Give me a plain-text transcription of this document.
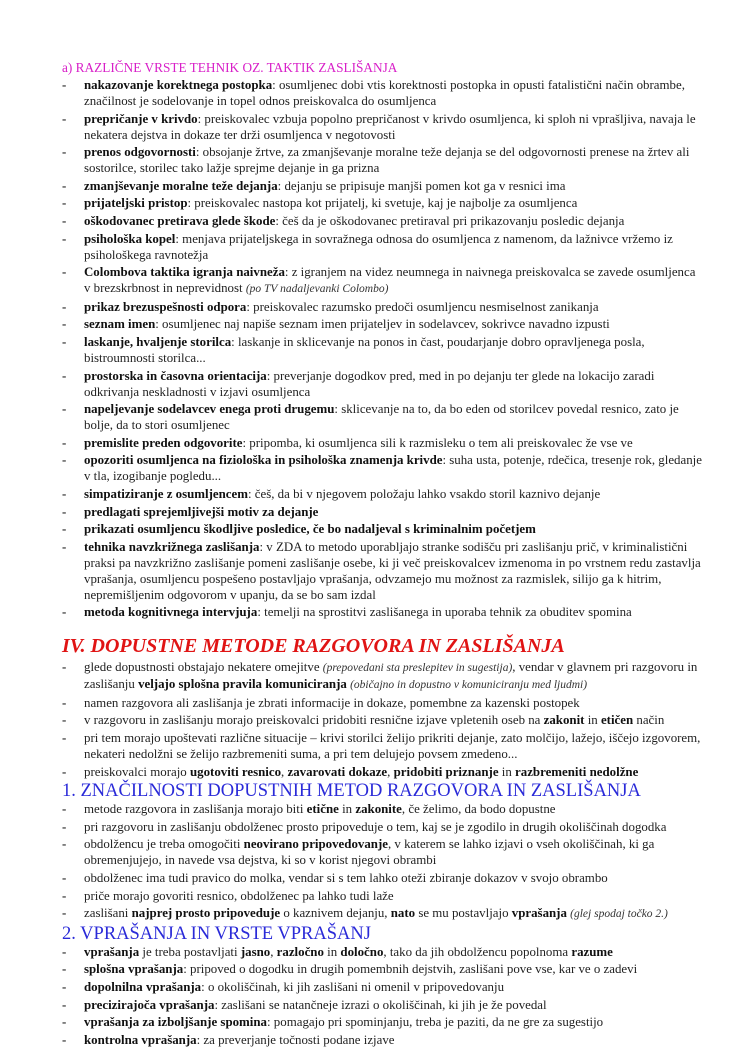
a) RAZLIČNE VRSTE TEHNIK OZ. TAKTIK ZASLIŠANJA
- nakazovanje korektnega postopka: osumljenec dobi vtis korektnosti postopka in opusti fatalistični način obrambe, značilnost je sodelovanje in topel odnos preiskovalca do osumljenca
- prepričanje v krivdo: preiskovalec vzbuja popolno prepričanost v krivdo osumljenca, ki sploh ni vprašljiva, navaja le nekatera dejstva in dokaze ter drži osumljenca v negotovosti
- prenos odgovornosti: obsojanje žrtve, za zmanjševanje moralne teže dejanja se del odgovornosti prenese na žrtev ali sostorilce, storilec tako lažje sprejme dejanje in ga prizna
- zmanjševanje moralne teže dejanja: dejanju se pripisuje manjši pomen kot ga v resnici ima
- prijateljski pristop: preiskovalec nastopa kot prijatelj, ki svetuje, kaj je najbolje za osumljenca
- oškodovanec pretirava glede škode: češ da je oškodovanec pretiraval pri prikazovanju posledic dejanja
- psihološka kopel: menjava prijateljskega in sovražnega odnosa do osumljenca z namenom, da lažnivce vržemo iz psihološkega ravnotežja
- Colombova taktika igranja naivneža: z igranjem na videz neumnega in naivnega preiskovalca se zavede osumljenca v brezskrbnost in neprevidnost (po TV nadaljevanki Colombo)
- prikaz brezuspešnosti odpora: preiskovalec razumsko predoči osumljencu nesmiselnost zanikanja
- seznam imen: osumljenec naj napiše seznam imen prijateljev in sodelavcev, sokrivce navadno izpusti
- laskanje, hvaljenje storilca: laskanje in sklicevanje na ponos in čast, poudarjanje dobro opravljenega posla, bistroumnosti storilca...
- prostorska in časovna orientacija: preverjanje dogodkov pred, med in po dejanju ter glede na lokacijo zaradi odkrivanja neskladnosti v izjavi osumljenca
- napeljevanje sodelavcev enega proti drugemu: sklicevanje na to, da bo eden od storilcev povedal resnico, zato je bolje, da to stori osumljenec
- premislite preden odgovorite: pripomba, ki osumljenca sili k razmisleku o tem ali preiskovalec že vse ve
- opozoriti osumljenca na fiziološka in psihološka znamenja krivde: suha usta, potenje, rdečica, tresenje rok, gledanje v tla, izogibanje pogledu...
- simpatiziranje z osumljencem: češ, da bi v njegovem položaju lahko vsakdo storil kaznivo dejanje
- predlagati sprejemljivejši motiv za dejanje
- prikazati osumljencu škodljive posledice, če bo nadaljeval s kriminalnim početjem
- tehnika navzkrižnega zaslišanja: v ZDA to metodo uporabljajo stranke sodišču pri zaslišanju prič, v kriminalistični praksi pa navzkrižno zaslišanje pomeni zaslišanje osebe, ki ji več preiskovalcev izmenoma in po vrstnem redu zastavlja vprašanja, osumljencu pospešeno postavljajo vprašanja, odvzamejo mu možnost za razmislek, silijo ga k hitrim, nepremišljenim odgovorom v upanju, da se bo sam izdal
- metoda kognitivnega intervjuja: temelji na sprostitvi zaslišanega in uporaba tehnik za obuditev spomina
IV. DOPUSTNE METODE RAZGOVORA IN ZASLIŠANJA
- glede dopustnosti obstajajo nekatere omejitve (prepovedani sta preslepitev in sugestija), vendar v glavnem pri razgovoru in zaslišanju veljajo splošna pravila komuniciranja (običajno in dopustno v komuniciranju med ljudmi)
- namen razgovora ali zaslišanja je zbrati informacije in dokaze, pomembne za kazenski postopek
- v razgovoru in zaslišanju morajo preiskovalci pridobiti resnične izjave vpletenih oseb na zakonit in etičen način
- pri tem morajo upoštevati različne situacije – krivi storilci želijo prikriti dejanje, zato molčijo, lažejo, iščejo izgovorem, nekateri nedolžni se želijo razbremeniti suma, a pri tem delujejo povsem zmedeno...
- preiskovalci morajo ugotoviti resnico, zavarovati dokaze, pridobiti priznanje in razbremeniti nedolžne
1. ZNAČILNOSTI DOPUSTNIH METOD RAZGOVORA IN ZASLIŠANJA
- metode razgovora in zaslišanja morajo biti etične in zakonite, če želimo, da bodo dopustne
- pri razgovoru in zaslišanju obdolženec prosto pripoveduje o tem, kaj se je zgodilo in drugih okoliščinah dogodka
- obdolžencu je treba omogočiti neovirano pripovedovanje, v katerem se lahko izjavi o vseh okoliščinah, ki ga obremenjujejo, in navede vsa dejstva, ki so v korist njegovi obrambi
- obdolženec ima tudi pravico do molka, vendar si s tem lahko oteži zbiranje dokazov v svojo obrambo
- priče morajo govoriti resnico, obdolženec pa lahko tudi laže
- zaslišani najprej prosto pripoveduje o kaznivem dejanju, nato se mu postavljajo vprašanja (glej spodaj točko 2.)
2. VPRAŠANJA IN VRSTE VPRAŠANJ
- vprašanja je treba postavljati jasno, razločno in določno, tako da jih obdolžencu popolnoma razume
- splošna vprašanja: pripoved o dogodku in drugih pomembnih dejstvih, zaslišani pove vse, kar ve o zadevi
- dopolnilna vprašanja: o okoliščinah, ki jih zaslišani ni omenil v pripovedovanju
- precizirajoča vprašanja: zaslišani se natančneje izrazi o okoliščinah, ki jih je že povedal
- vprašanja za izboljšanje spomina: pomagajo pri spominjanju, treba je paziti, da ne gre za sugestijo
- kontrolna vprašanja: za preverjanje točnosti podane izjave
